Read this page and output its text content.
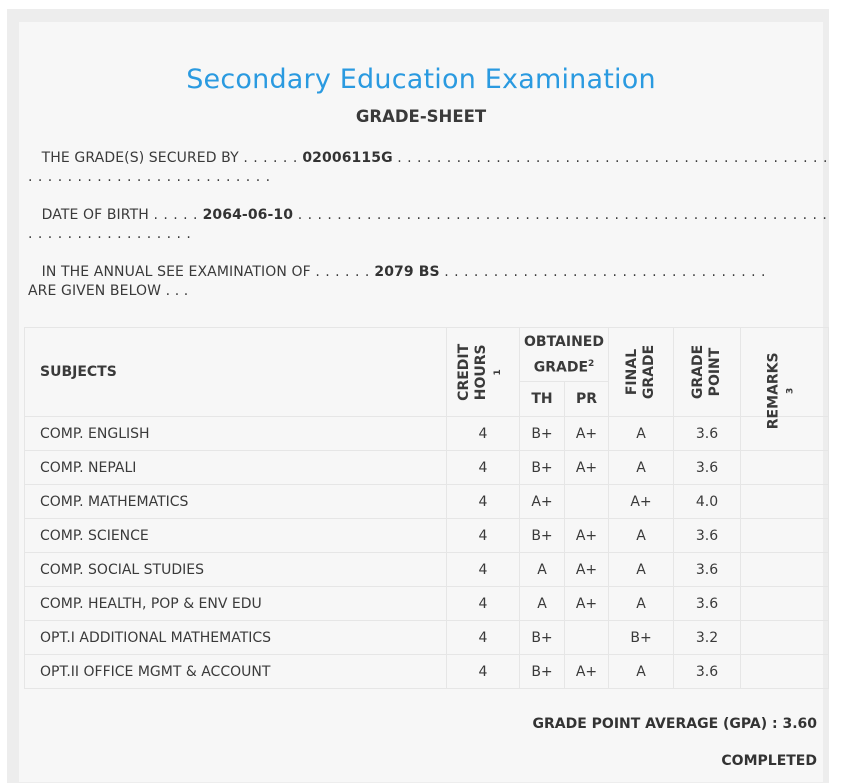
Secondary Education Examination
GRADE-SHEET
THE GRADE(S) SECURED BY . . . . . . 02006115G . . . . . . . . . . . . . . . . . . . . . . . . . . . . . . . . . . . . . . . . . . . . . . . . . . . . . . . . . . . . . . . . . . . . .
DATE OF BIRTH . . . . . 2064-06-10 . . . . . . . . . . . . . . . . . . . . . . . . . . . . . . . . . . . . . . . . . . . . . . . . . . . . . . . . . . . . . . . . . . . . . . .
IN THE ANNUAL SEE EXAMINATION OF . . . . . . 2079 BS . . . . . . . . . . . . . . . . . . . . . . . . . . . . . . . . .
ARE GIVEN BELOW . . .
SUBJECTS	CREDIT HOURS $^1$	OBTAINED
GRADE$^2$		FINAL GRADE	GRADE POINT	REMARKS $^3$

		TH	PR			
COMP. ENGLISH	4	B+	A+	A	3.6	
COMP. NEPALI	4	B+	A+	A	3.6	
COMP. MATHEMATICS	4	A+		A+	4.0	
COMP. SCIENCE	4	B+	A+	A	3.6	
COMP. SOCIAL STUDIES	4	A	A+	A	3.6	
COMP. HEALTH, POP & ENV EDU	4	A	A+	A	3.6	
OPT.I ADDITIONAL MATHEMATICS	4	B+		B+	3.2	
OPT.II OFFICE MGMT & ACCOUNT	4	B+	A+	A	3.6	
GRADE POINT AVERAGE (GPA) : 3.60
COMPLETED
